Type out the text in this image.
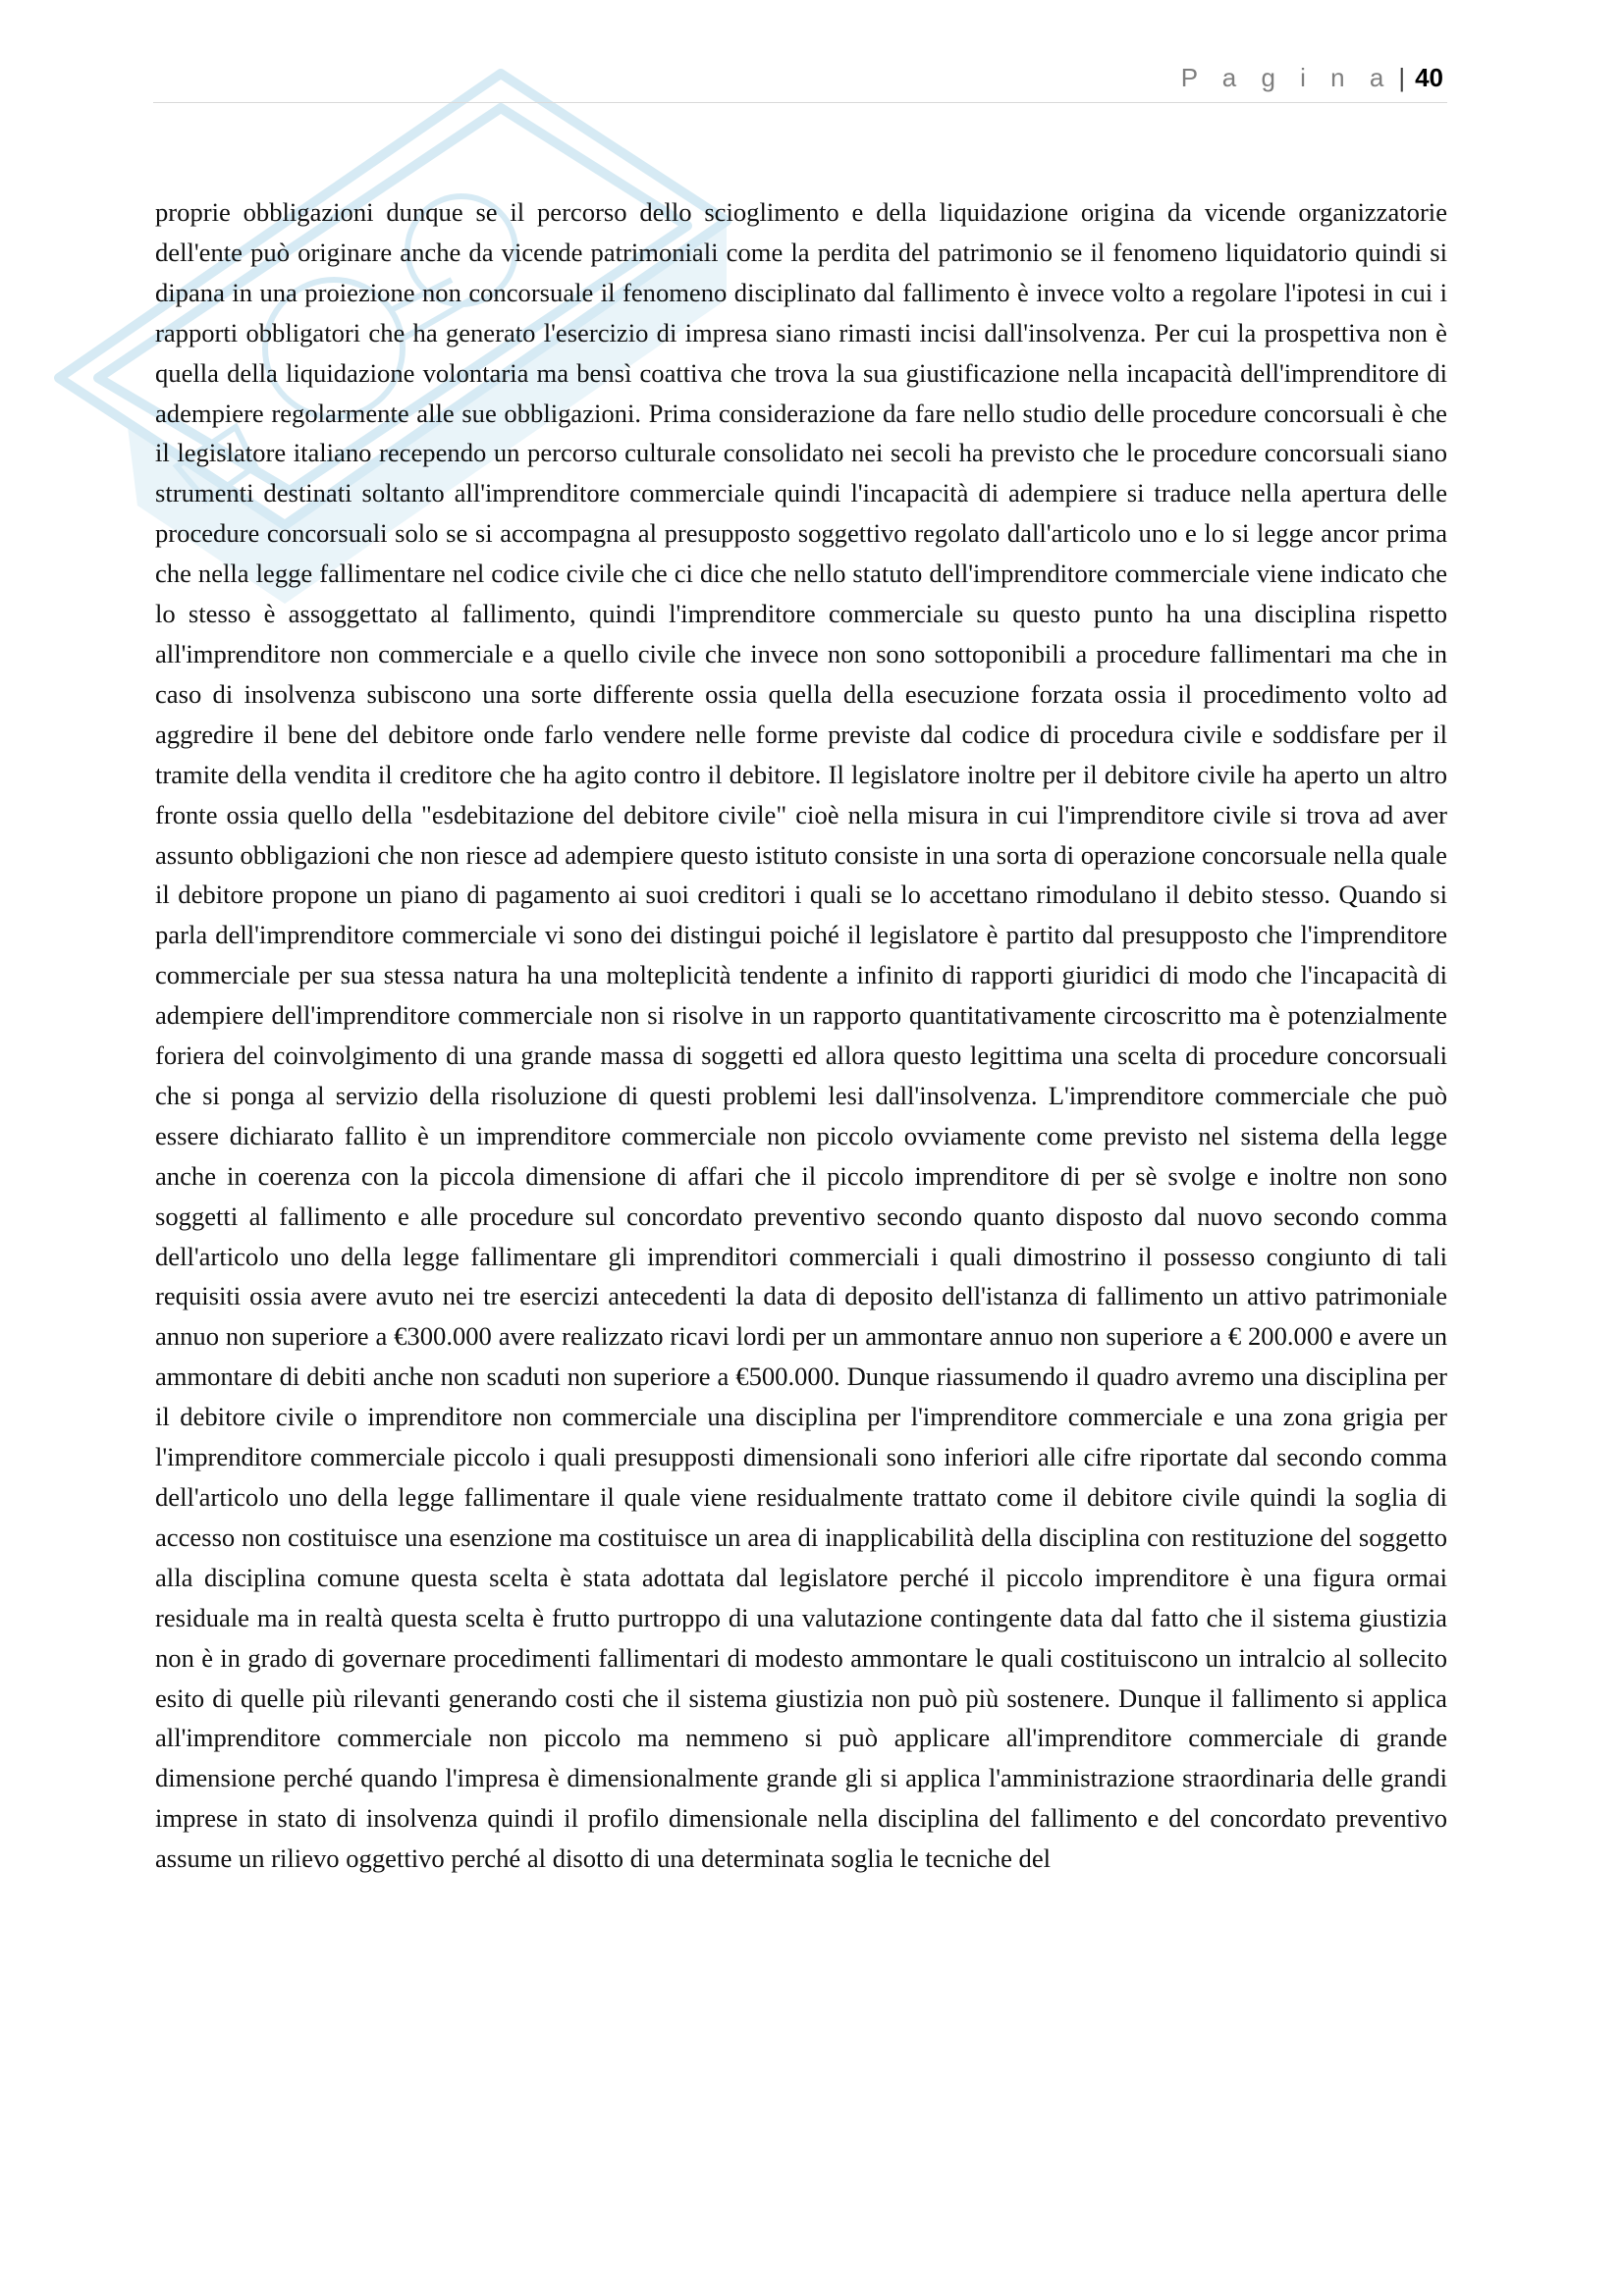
P a g i n a | 40

proprie obbligazioni dunque se il percorso dello scioglimento e della liquidazione origina da vicende organizzatorie dell'ente può originare anche da vicende patrimoniali come la perdita del patrimonio se il fenomeno liquidatorio quindi si dipana in una proiezione non concorsuale il fenomeno disciplinato dal fallimento è invece volto a regolare l'ipotesi in cui i rapporti obbligatori che ha generato l'esercizio di impresa siano rimasti incisi dall'insolvenza. Per cui la prospettiva non è quella della liquidazione volontaria ma bensì coattiva che trova la sua giustificazione nella incapacità dell'imprenditore di adempiere regolarmente alle sue obbligazioni. Prima considerazione da fare nello studio delle procedure concorsuali è che il legislatore italiano recependo un percorso culturale consolidato nei secoli ha previsto che le procedure concorsuali siano strumenti destinati soltanto all'imprenditore commerciale quindi l'incapacità di adempiere si traduce nella apertura delle procedure concorsuali solo se si accompagna al presupposto soggettivo regolato dall'articolo uno e lo si legge ancor prima che nella legge fallimentare nel codice civile che ci dice che nello statuto dell'imprenditore commerciale viene indicato che lo stesso è assoggettato al fallimento, quindi l'imprenditore commerciale su questo punto ha una disciplina rispetto all'imprenditore non commerciale e a quello civile che invece non sono sottoponibili a procedure fallimentari ma che in caso di insolvenza subiscono una sorte differente ossia quella della esecuzione forzata ossia il procedimento volto ad aggredire il bene del debitore onde farlo vendere nelle forme previste dal codice di procedura civile e soddisfare per il tramite della vendita il creditore che ha agito contro il debitore. Il legislatore inoltre per il debitore civile ha aperto un altro fronte ossia quello della "esdebitazione del debitore civile" cioè nella misura in cui l'imprenditore civile si trova ad aver assunto obbligazioni che non riesce ad adempiere questo istituto consiste in una sorta di operazione concorsuale nella quale il debitore propone un piano di pagamento ai suoi creditori i quali se lo accettano rimodulano il debito stesso. Quando si parla dell'imprenditore commerciale vi sono dei distingui poiché il legislatore è partito dal presupposto che l'imprenditore commerciale per sua stessa natura ha una molteplicità tendente a infinito di rapporti giuridici di modo che l'incapacità di adempiere dell'imprenditore commerciale non si risolve in un rapporto quantitativamente circoscritto ma è potenzialmente foriera del coinvolgimento di una grande massa di soggetti ed allora questo legittima una scelta di procedure concorsuali che si ponga al servizio della risoluzione di questi problemi lesi dall'insolvenza. L'imprenditore commerciale che può essere dichiarato fallito è un imprenditore commerciale non piccolo ovviamente come previsto nel sistema della legge anche in coerenza con la piccola dimensione di affari che il piccolo imprenditore di per sè svolge e inoltre non sono soggetti al fallimento e alle procedure sul concordato preventivo secondo quanto disposto dal nuovo secondo comma dell'articolo uno della legge fallimentare gli imprenditori commerciali i quali dimostrino il possesso congiunto di tali requisiti ossia avere avuto nei tre esercizi antecedenti la data di deposito dell'istanza di fallimento un attivo patrimoniale annuo non superiore a €300.000 avere realizzato ricavi lordi per un ammontare annuo non superiore a € 200.000 e avere un ammontare di debiti anche non scaduti non superiore a €500.000. Dunque riassumendo il quadro avremo una disciplina per il debitore civile o imprenditore non commerciale una disciplina per l'imprenditore commerciale e una zona grigia per l'imprenditore commerciale piccolo i quali presupposti dimensionali sono inferiori alle cifre riportate dal secondo comma dell'articolo uno della legge fallimentare il quale viene residualmente trattato come il debitore civile quindi la soglia di accesso non costituisce una esenzione ma costituisce un area di inapplicabilità della disciplina con restituzione del soggetto alla disciplina comune questa scelta è stata adottata dal legislatore perché il piccolo imprenditore è una figura ormai residuale ma in realtà questa scelta è frutto purtroppo di una valutazione contingente data dal fatto che il sistema giustizia non è in grado di governare procedimenti fallimentari di modesto ammontare le quali costituiscono un intralcio al sollecito esito di quelle più rilevanti generando costi che il sistema giustizia non può più sostenere. Dunque il fallimento si applica all'imprenditore commerciale non piccolo ma nemmeno si può applicare all'imprenditore commerciale di grande dimensione perché quando l'impresa è dimensionalmente grande gli si applica l'amministrazione straordinaria delle grandi imprese in stato di insolvenza quindi il profilo dimensionale nella disciplina del fallimento e del concordato preventivo assume un rilievo oggettivo perché al disotto di una determinata soglia le tecniche del
